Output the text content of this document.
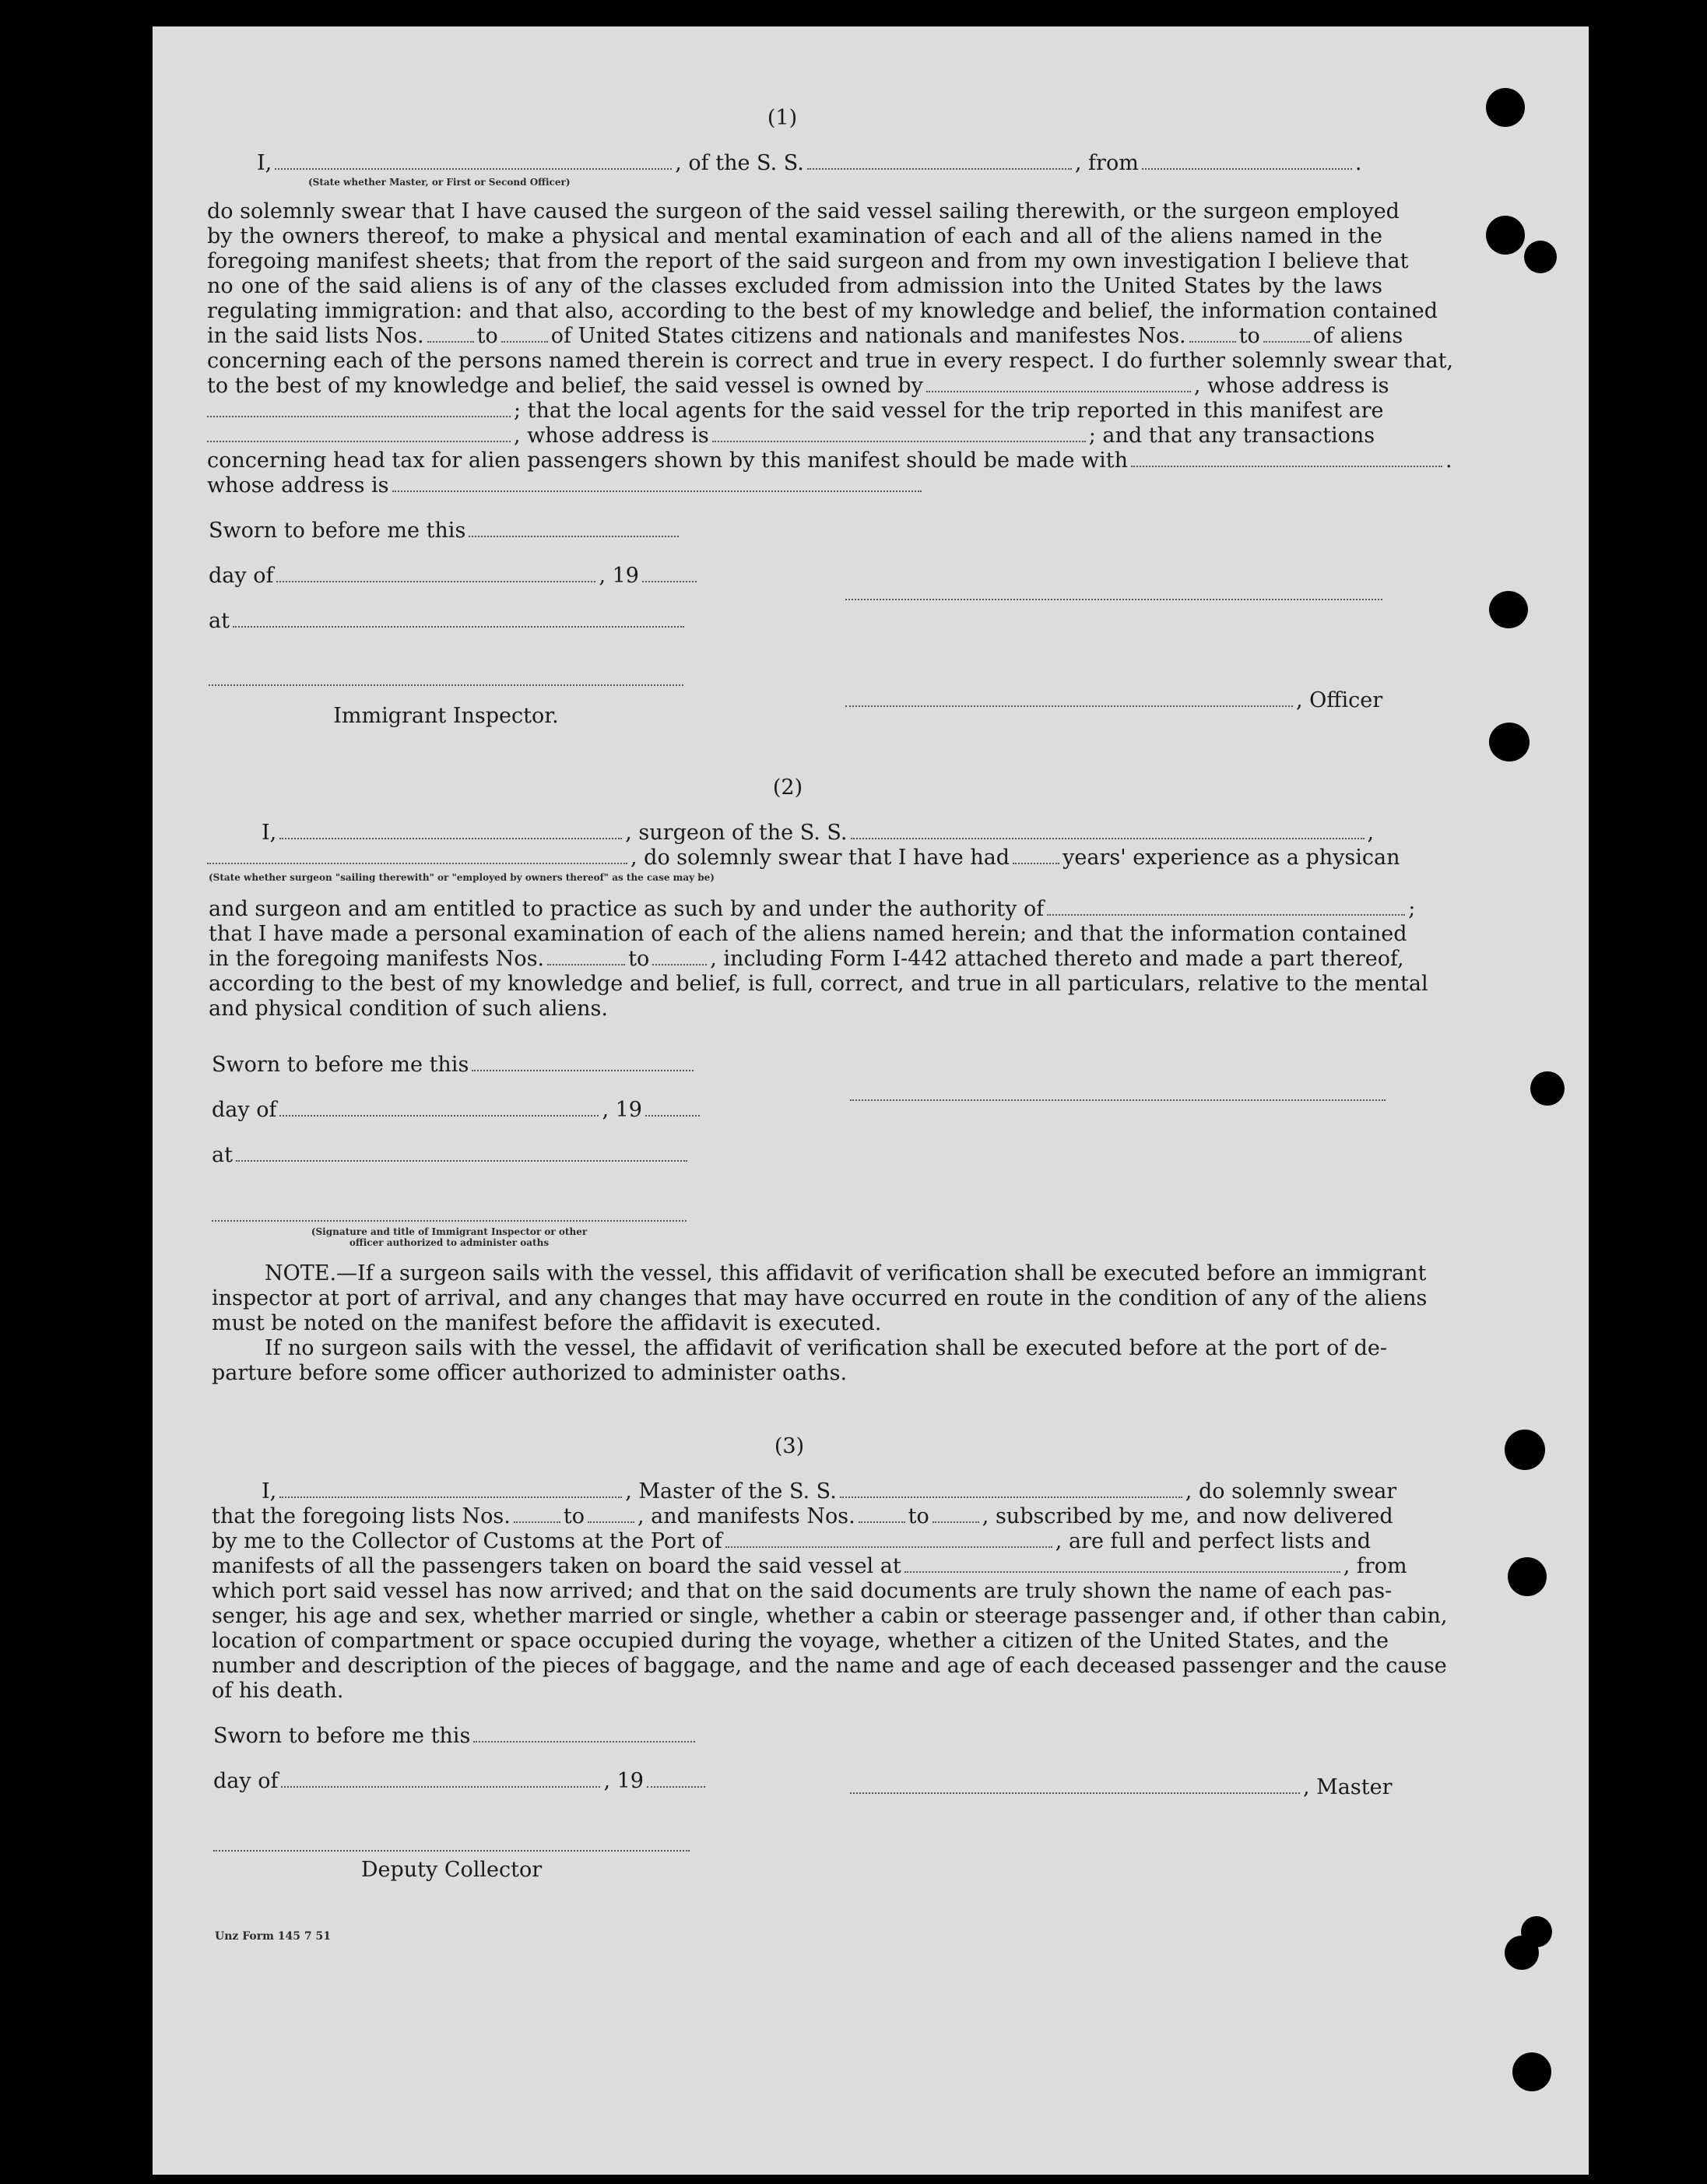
(1)
I,	, of the S. S.	, from	.
(State whether Master, or First or Second Officer)
do solemnly swear that I have caused the surgeon of the said vessel sailing therewith, or the surgeon employed
by the owners thereof, to make a physical and mental examination of each and all of the aliens named in the
foregoing manifest sheets; that from the report of the said surgeon and from my own investigation I believe that
no one of the said aliens is of any of the classes excluded from admission into the United States by the laws
regulating immigration: and that also, according to the best of my knowledge and belief, the information contained
in the said lists Nos.	to	of United States citizens and nationals and manifestes Nos.	to	of aliens
concerning each of the persons named therein is correct and true in every respect. I do further solemnly swear that,
to the best of my knowledge and belief, the said vessel is owned by	, whose address is
; that the local agents for the said vessel for the trip reported in this manifest are
, whose address is	; and that any transactions
concerning head tax for alien passengers shown by this manifest should be made with	.
whose address is
Sworn to before me this
day of	, 19
at
, Officer
Immigrant Inspector.
(2)
I,	, surgeon of the S. S.	,
, do solemnly swear that I have had	years' experience as a physican
(State whether surgeon "sailing therewith" or "employed by owners thereof" as the case may be)
and surgeon and am entitled to practice as such by and under the authority of	;
that I have made a personal examination of each of the aliens named herein; and that the information contained
in the foregoing manifests Nos.	to	, including Form I-442 attached thereto and made a part thereof,
according to the best of my knowledge and belief, is full, correct, and true in all particulars, relative to the mental
and physical condition of such aliens.
Sworn to before me this
day of	, 19
at
(Signature and title of Immigrant Inspector or other
officer authorized to administer oaths
NOTE.—If a surgeon sails with the vessel, this affidavit of verification shall be executed before an immigrant
inspector at port of arrival, and any changes that may have occurred en route in the condition of any of the aliens
must be noted on the manifest before the affidavit is executed.
If no surgeon sails with the vessel, the affidavit of verification shall be executed before at the port of de-
parture before some officer authorized to administer oaths.
(3)
I,	, Master of the S. S.	, do solemnly swear
that the foregoing lists Nos.	to	, and manifests Nos.	to	, subscribed by me, and now delivered
by me to the Collector of Customs at the Port of	, are full and perfect lists and
manifests of all the passengers taken on board the said vessel at	, from
which port said vessel has now arrived; and that on the said documents are truly shown the name of each pas-
senger, his age and sex, whether married or single, whether a cabin or steerage passenger and, if other than cabin,
location of compartment or space occupied during the voyage, whether a citizen of the United States, and the
number and description of the pieces of baggage, and the name and age of each deceased passenger and the cause
of his death.
Sworn to before me this
day of	, 19	, Master
Deputy Collector
Unz Form 145 7 51
